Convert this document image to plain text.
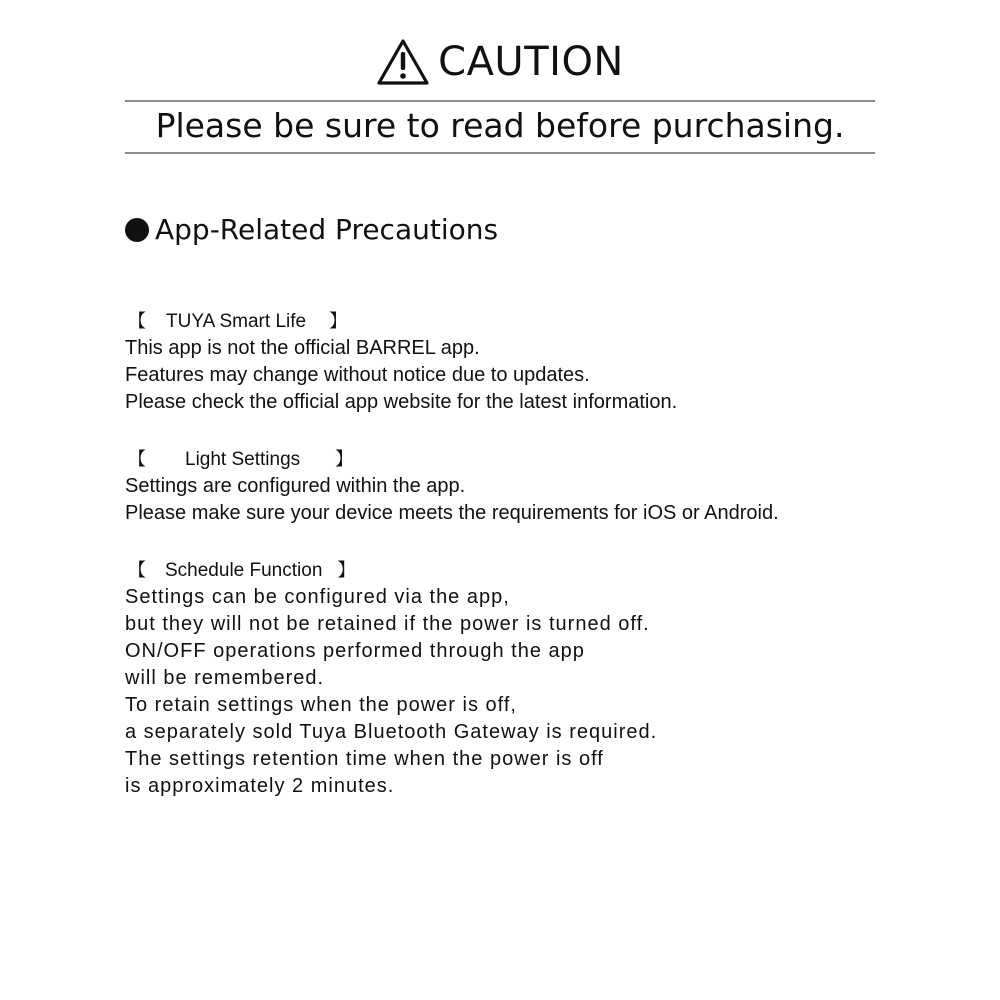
CAUTION
Please be sure to read before purchasing.
App-Related Precautions
【 TUYA Smart Life 】
This app is not the official BARREL app.
Features may change without notice due to updates.
Please check the official app website for the latest information.
【 Light Settings 】
Settings are configured within the app.
Please make sure your device meets the requirements for iOS or Android.
【 Schedule Function 】
Settings can be configured via the app,
but they will not be retained if the power is turned off.
ON/OFF operations performed through the app
will be remembered.
To retain settings when the power is off,
a separately sold Tuya Bluetooth Gateway is required.
The settings retention time when the power is off
is approximately 2 minutes.
